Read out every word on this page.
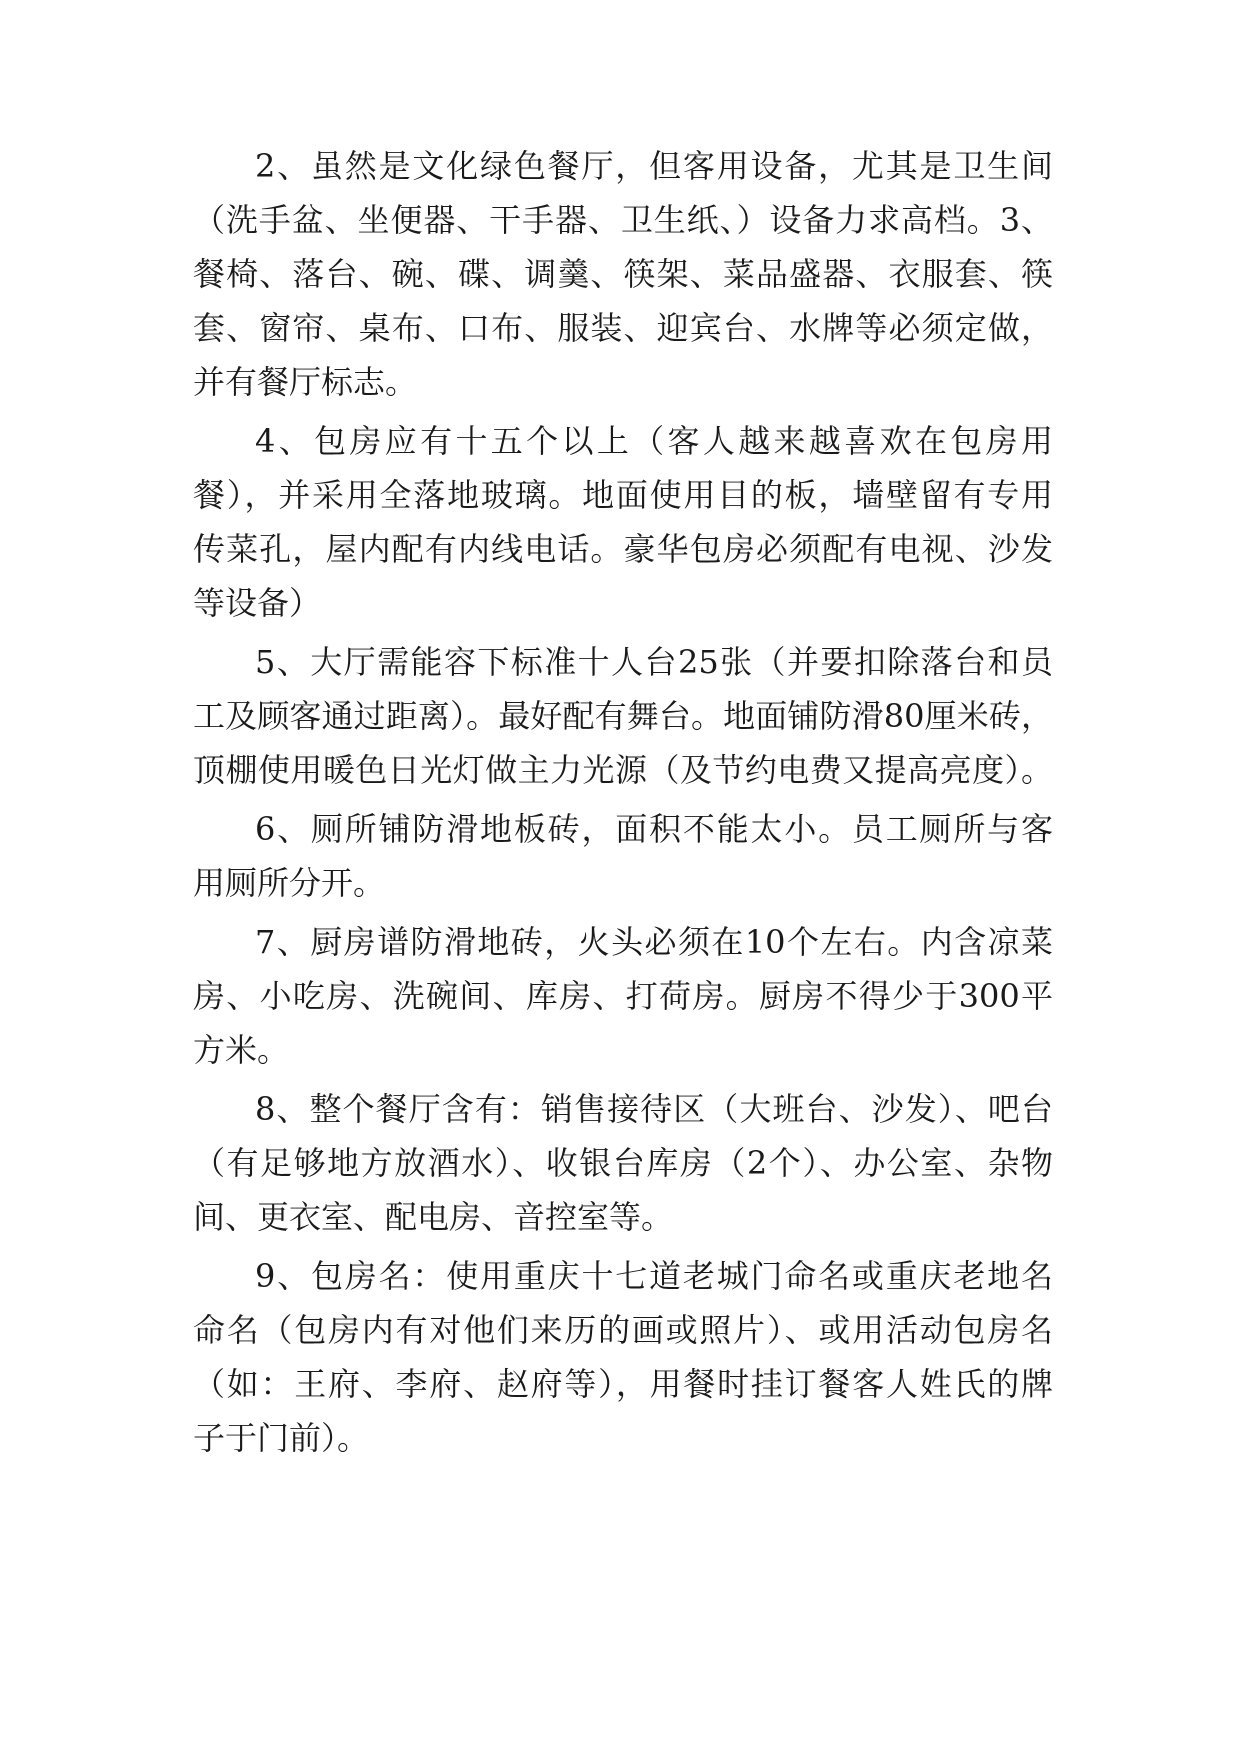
2、虽然是文化绿色餐厅，但客用设备，尤其是卫生间
（洗手盆、坐便器、干手器、卫生纸、）设备力求高档。3、
餐椅、落台、碗、碟、调羹、筷架、菜品盛器、衣服套、筷
套、窗帘、桌布、口布、服装、迎宾台、水牌等必须定做，
并有餐厅标志。
4、包房应有十五个以上（客人越来越喜欢在包房用
餐），并采用全落地玻璃。地面使用目的板，墙壁留有专用
传菜孔，屋内配有内线电话。豪华包房必须配有电视、沙发
等设备）
5、大厅需能容下标准十人台25张（并要扣除落台和员
工及顾客通过距离）。最好配有舞台。地面铺防滑80厘米砖，
顶棚使用暖色日光灯做主力光源（及节约电费又提高亮度）。
6、厕所铺防滑地板砖，面积不能太小。员工厕所与客
用厕所分开。
7、厨房谱防滑地砖，火头必须在10个左右。内含凉菜
房、小吃房、洗碗间、库房、打荷房。厨房不得少于300平
方米。
8、整个餐厅含有：销售接待区（大班台、沙发）、吧台
（有足够地方放酒水）、收银台库房（2个）、办公室、杂物
间、更衣室、配电房、音控室等。
9、包房名：使用重庆十七道老城门命名或重庆老地名
命名（包房内有对他们来历的画或照片）、或用活动包房名
（如：王府、李府、赵府等），用餐时挂订餐客人姓氏的牌
子于门前）。
